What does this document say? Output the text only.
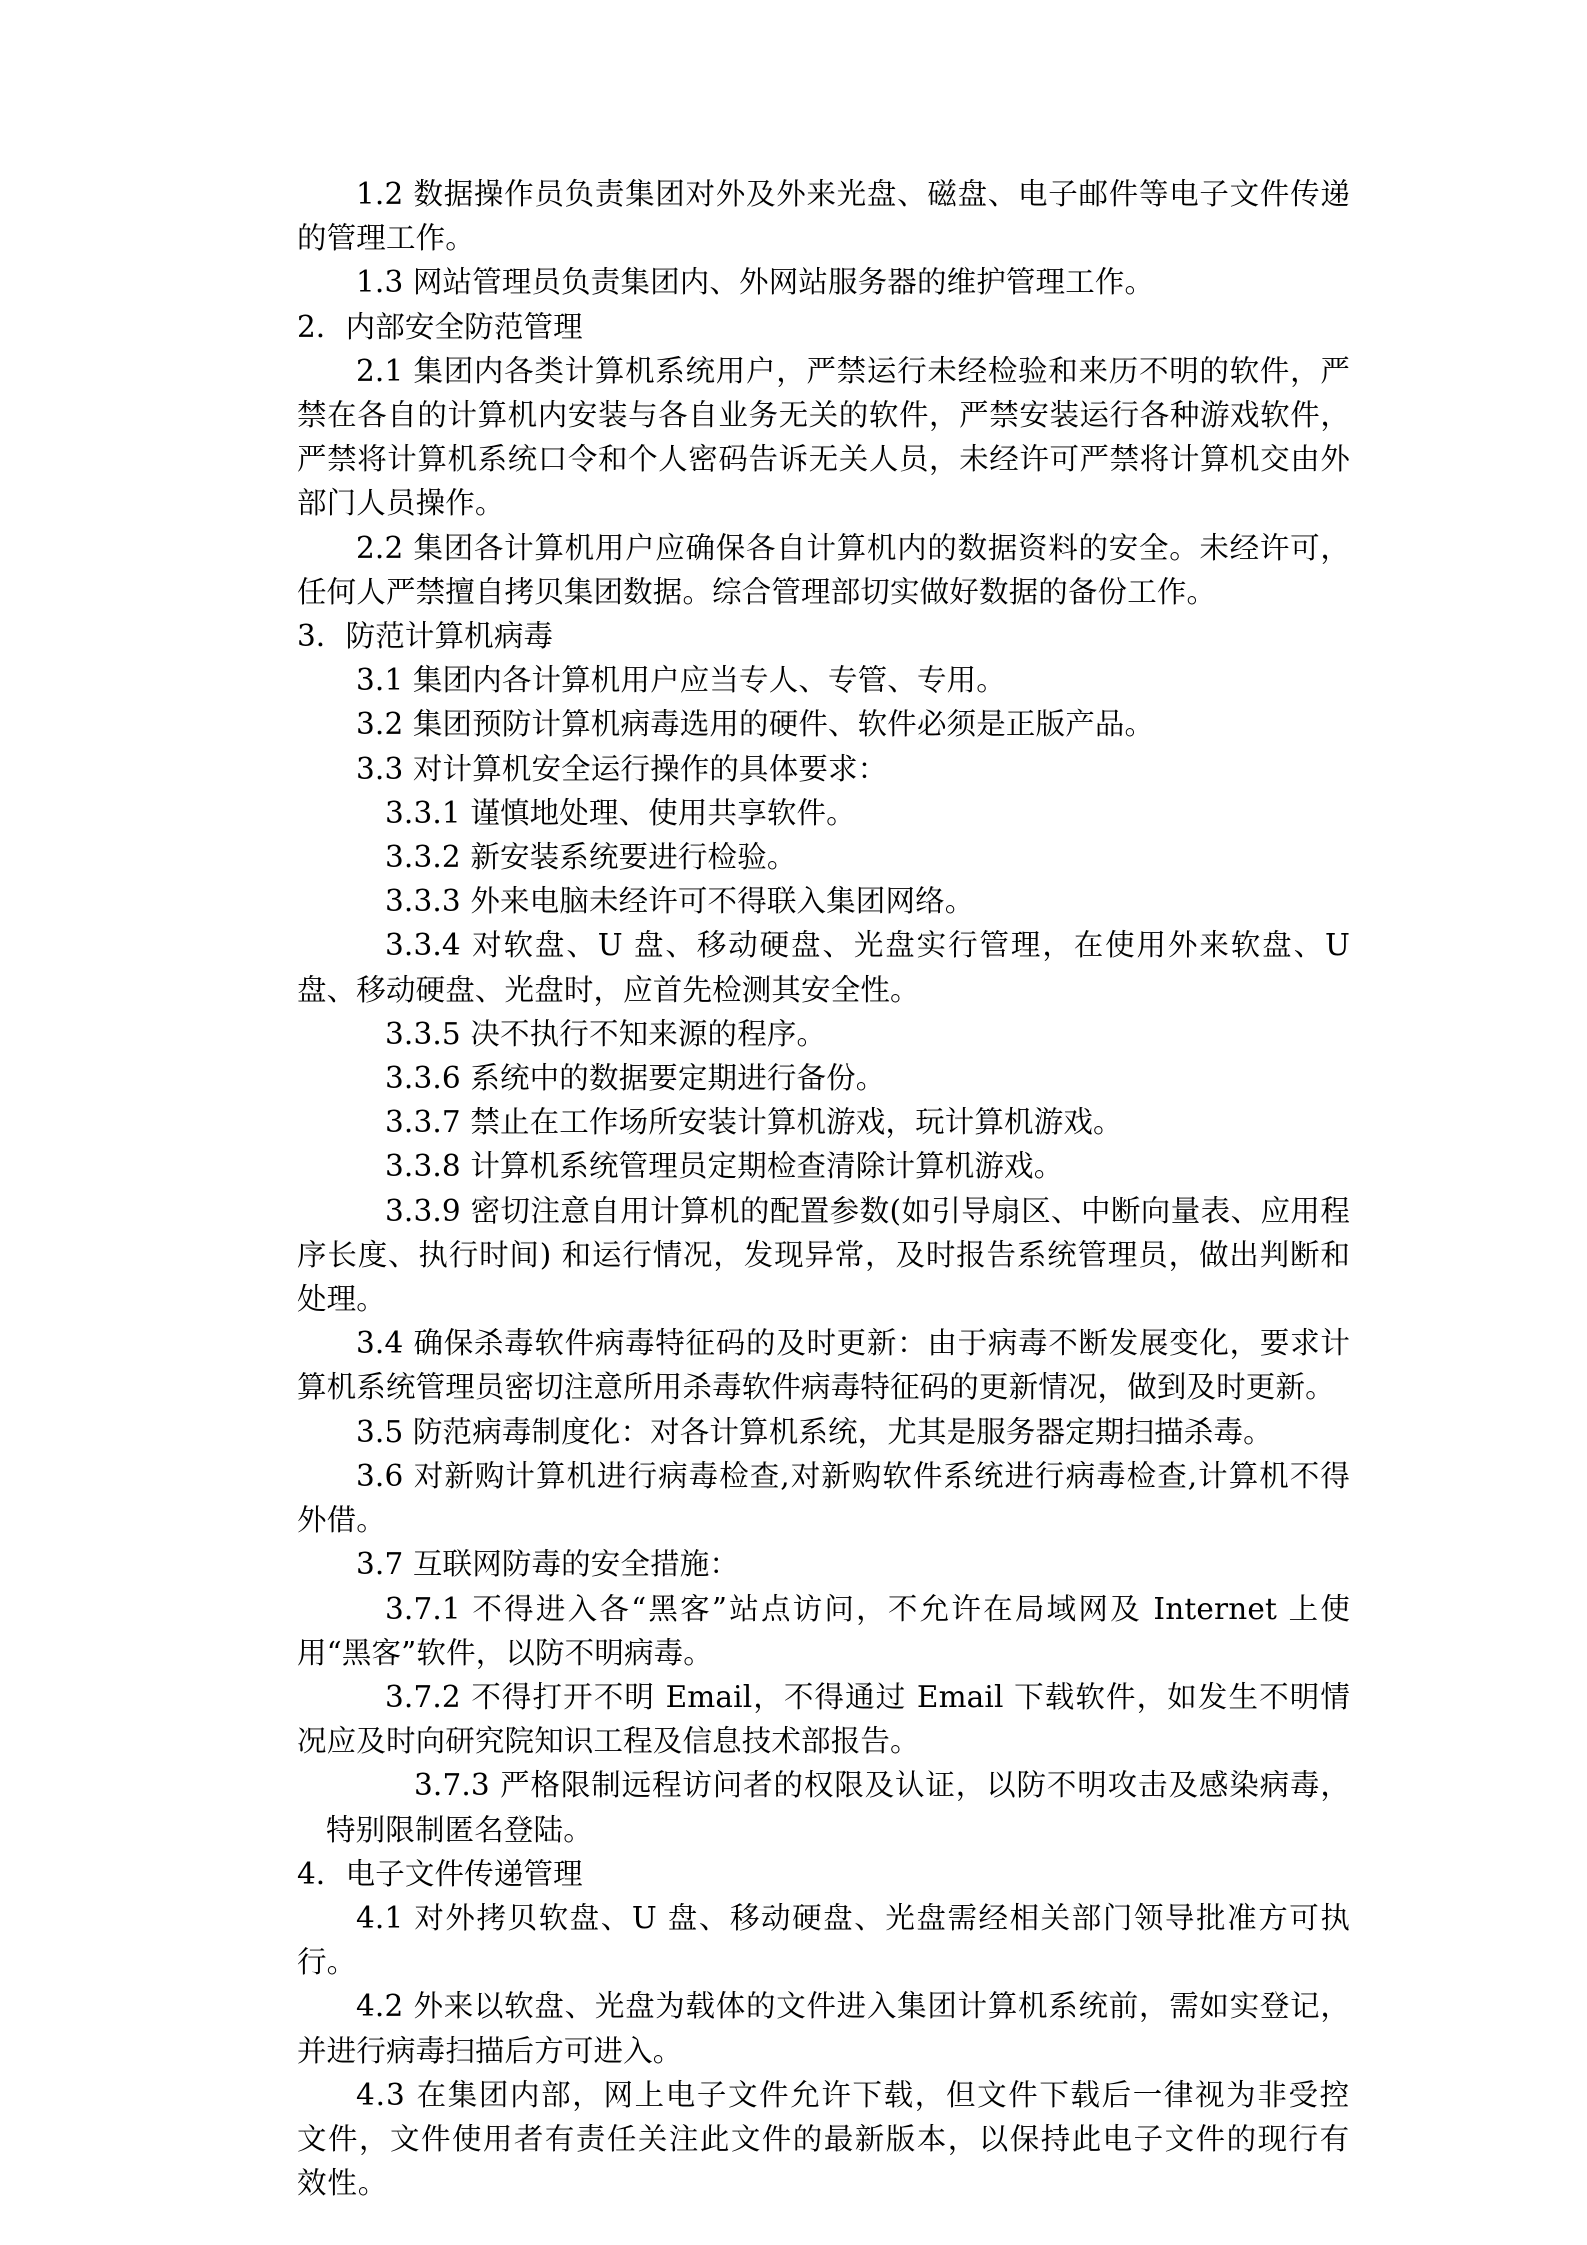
1.2 数据操作员负责集团对外及外来光盘、磁盘、电子邮件等电子文件传递的管理工作。

1.3 网站管理员负责集团内、外网站服务器的维护管理工作。

2．内部安全防范管理

2.1 集团内各类计算机系统用户，严禁运行未经检验和来历不明的软件，严禁在各自的计算机内安装与各自业务无关的软件，严禁安装运行各种游戏软件，严禁将计算机系统口令和个人密码告诉无关人员，未经许可严禁将计算机交由外部门人员操作。

2.2 集团各计算机用户应确保各自计算机内的数据资料的安全。未经许可，任何人严禁擅自拷贝集团数据。综合管理部切实做好数据的备份工作。

3．防范计算机病毒

3.1 集团内各计算机用户应当专人、专管、专用。

3.2 集团预防计算机病毒选用的硬件、软件必须是正版产品。

3.3 对计算机安全运行操作的具体要求：

3.3.1 谨慎地处理、使用共享软件。

3.3.2 新安装系统要进行检验。

3.3.3 外来电脑未经许可不得联入集团网络。

3.3.4 对软盘、U 盘、移动硬盘、光盘实行管理，在使用外来软盘、U 盘、移动硬盘、光盘时，应首先检测其安全性。

3.3.5 决不执行不知来源的程序。

3.3.6 系统中的数据要定期进行备份。

3.3.7 禁止在工作场所安装计算机游戏，玩计算机游戏。

3.3.8 计算机系统管理员定期检查清除计算机游戏。

3.3.9 密切注意自用计算机的配置参数(如引导扇区、中断向量表、应用程序长度、执行时间) 和运行情况，发现异常，及时报告系统管理员，做出判断和处理。

3.4 确保杀毒软件病毒特征码的及时更新：由于病毒不断发展变化，要求计算机系统管理员密切注意所用杀毒软件病毒特征码的更新情况，做到及时更新。

3.5 防范病毒制度化：对各计算机系统，尤其是服务器定期扫描杀毒。

3.6 对新购计算机进行病毒检查,对新购软件系统进行病毒检查,计算机不得外借。

3.7 互联网防毒的安全措施：

3.7.1 不得进入各“黑客”站点访问，不允许在局域网及 Internet 上使用“黑客”软件，以防不明病毒。

3.7.2 不得打开不明 Email，不得通过 Email 下载软件，如发生不明情况应及时向研究院知识工程及信息技术部报告。

3.7.3 严格限制远程访问者的权限及认证，以防不明攻击及感染病毒，特别限制匿名登陆。

4．电子文件传递管理

4.1 对外拷贝软盘、U 盘、移动硬盘、光盘需经相关部门领导批准方可执行。

4.2 外来以软盘、光盘为载体的文件进入集团计算机系统前，需如实登记，并进行病毒扫描后方可进入。

4.3 在集团内部，网上电子文件允许下载，但文件下载后一律视为非受控文件，文件使用者有责任关注此文件的最新版本，以保持此电子文件的现行有效性。
